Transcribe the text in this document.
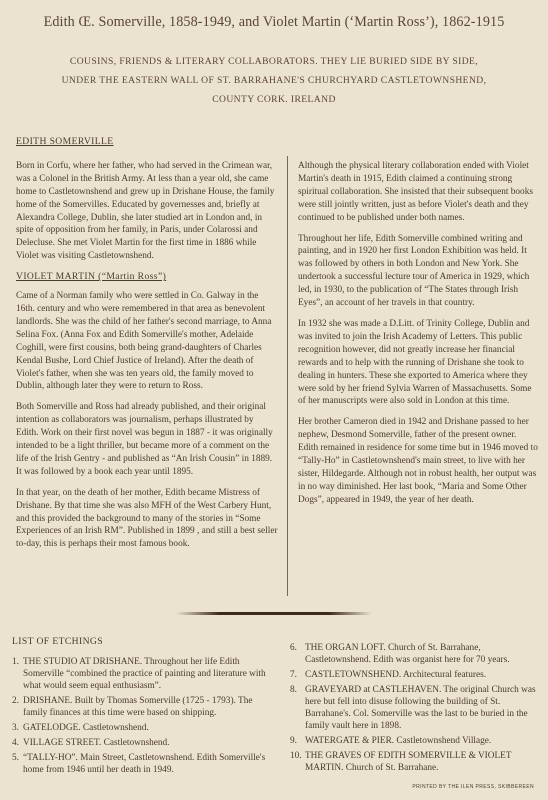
Edith Œ. Somerville, 1858-1949, and Violet Martin (‘Martin Ross’), 1862-1915
COUSINS, FRIENDS & LITERARY COLLABORATORS. THEY LIE BURIED SIDE BY SIDE, UNDER THE EASTERN WALL OF ST. BARRAHANE'S CHURCHYARD CASTLETOWNSHEND, COUNTY CORK. IRELAND
EDITH SOMERVILLE

Born in Corfu, where her father, who had served in the Crimean war, was a Colonel in the British Army. At less than a year old, she came home to Castletownshend and grew up in Drishane House, the family home of the Somervilles. Educated by governesses and, briefly at Alexandra College, Dublin, she later studied art in London and, in spite of opposition from her family, in Paris, under Colarossi and Delecluse. She met Violet Martin for the first time in 1886 while Violet was visiting Castletownshend.

VIOLET MARTIN (“Martin Ross”)

Came of a Norman family who were settled in Co. Galway in the 16th. century and who were remembered in that area as benevolent landlords. She was the child of her father's second marriage, to Anna Selina Fox. (Anna Fox and Edith Somerville's mother, Adelaide Coghill, were first cousins, both being grand-daughters of Charles Kendal Bushe, Lord Chief Justice of Ireland). After the death of Violet's father, when she was ten years old, the family moved to Dublin, although later they were to return to Ross.

Both Somerville and Ross had already published, and their original intention as collaborators was journalism, perhaps illustrated by Edith. Work on their first novel was begun in 1887 - it was originally intended to be a light thriller, but became more of a comment on the life of the Irish Gentry - and published as “An Irish Cousin” in 1889. It was followed by a book each year until 1895.

In that year, on the death of her mother, Edith became Mistress of Drishane. By that time she was also MFH of the West Carbery Hunt, and this provided the background to many of the stories in “Some Experiences of an Irish RM”. Published in 1899 , and still a best seller to-day, this is perhaps their most famous book.

Although the physical literary collaboration ended with Violet Martin's death in 1915, Edith claimed a continuing strong spiritual collaboration. She insisted that their subsequent books were still jointly written, just as before Violet's death and they continued to be published under both names.

Throughout her life, Edith Somerville combined writing and painting, and in 1920 her first London Exhibition was held. It was followed by others in both London and New York. She undertook a successful lecture tour of America in 1929, which led, in 1930, to the publication of “The States through Irish Eyes”, an account of her travels in that country.

In 1932 she was made a D.Litt. of Trinity College, Dublin and was invited to join the Irish Academy of Letters. This public recognition however, did not greatly increase her financial rewards and to help with the running of Drishane she took to dealing in hunters. These she exported to America where they were sold by her friend Sylvia Warren of Massachusetts. Some of her manuscripts were also sold in London at this time.

Her brother Cameron died in 1942 and Drishane passed to her nephew, Desmond Somerville, father of the present owner. Edith remained in residence for some time but in 1946 moved to “Tally-Ho” in Castletownshend's main street, to live with her sister, Hildegarde. Although not in robust health, her output was in no way diminished. Her last book, “Maria and Some Other Dogs”, appeared in 1949, the year of her death.

LIST OF ETCHINGS
1. THE STUDIO AT DRISHANE. Throughout her life Edith Somerville “combined the practice of painting and literature with what would seem equal enthusiasm”.
2. DRISHANE. Built by Thomas Somerville (1725 - 1793). The family finances at this time were based on shipping.
3. GATELODGE. Castletownshend.
4. VILLAGE STREET. Castletownshend.
5. “TALLY-HO”. Main Street, Castletownshend. Edith Somerville's home from 1946 until her death in 1949.
6. THE ORGAN LOFT. Church of St. Barrahane, Castletownshend. Edith was organist here for 70 years.
7. CASTLETOWNSHEND. Architectural features.
8. GRAVEYARD at CASTLEHAVEN. The original Church was here but fell into disuse following the building of St. Barrahane's. Col. Somerville was the last to be buried in the family vault here in 1898.
9. WATERGATE & PIER. Castletownshend Village.
10. THE GRAVES OF EDITH SOMERVILLE & VIOLET MARTIN. Church of St. Barrahane.
PRINTED BY THE ILEN PRESS, SKIBBEREEN
